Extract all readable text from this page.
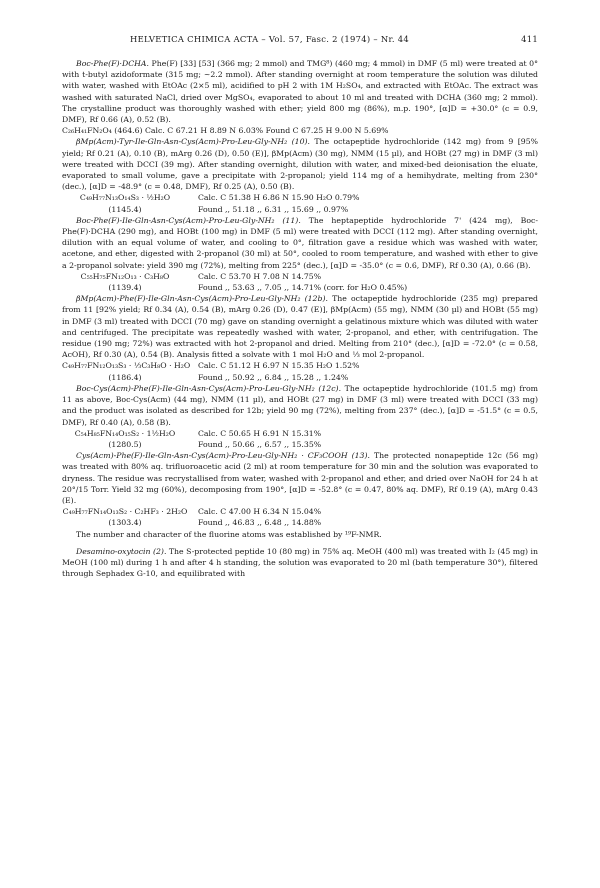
HELVETICA CHIMICA ACTA – Vol. 57, Fasc. 2 (1974) – Nr. 44	411

Boc-Phe(F)·DCHA. Phe(F) [33] [53] (366 mg; 2 mmol) and TMG⁸) (460 mg; 4 mmol) in DMF (5 ml) were treated at 0° with t-butyl azidoformate (315 mg; ~2.2 mmol). After standing overnight at room temperature the solution was diluted with water, washed with EtOAc (2×5 ml), acidified to pH 2 with 1M H₂SO₄, and extracted with EtOAc. The extract was washed with saturated NaCl, dried over MgSO₄, evaporated to about 10 ml and treated with DCHA (360 mg; 2 mmol). The crystalline product was thoroughly washed with ether; yield 800 mg (86%), m.p. 190°, [α]D = +30.0° (c = 0.9, DMF), Rf 0.66 (A), 0.52 (B).

C₂₆H₄₁FN₂O₄ (464.6) Calc. C 67.21 H 8.89 N 6.03% Found C 67.25 H 9.00 N 5.69%

βMp(Acm)-Tyr-Ile-Gln-Asn-Cys(Acm)-Pro-Leu-Gly-NH₂ (10). The octapeptide hydrochloride (142 mg) from 9 [95% yield; Rf 0.21 (A), 0.10 (B), mArg 0.26 (D), 0.50 (E)], βMp(Acm) (30 mg), NMM (15 µl), and HOBt (27 mg) in DMF (3 ml) were treated with DCCI (39 mg). After standing overnight, dilution with water, and mixed-bed deionisation the eluate, evaporated to small volume, gave a precipitate with 2-propanol; yield 114 mg of a hemihydrate, melting from 230° (dec.), [α]D = -48.9° (c = 0.48, DMF), Rf 0.25 (A), 0.50 (B).

C₄₉H₇₇N₁₃O₁₄S₃ · ½H₂O
(1145.4)
Calc. C 51.38 H 6.86 N 15.90 H₂O 0.79%
Found ,, 51.18 ,, 6.31 ,, 15.69 ,, 0.97%

Boc-Phe(F)-Ile-Gln-Asn-Cys(Acm)-Pro-Leu-Gly-NH₂ (11). The heptapeptide hydrochloride 7' (424 mg), Boc-Phe(F)·DCHA (290 mg), and HOBt (100 mg) in DMF (5 ml) were treated with DCCI (112 mg). After standing overnight, dilution with an equal volume of water, and cooling to 0°, filtration gave a residue which was washed with water, acetone, and ether, digested with 2-propanol (30 ml) at 50°, cooled to room temperature, and washed with ether to give a 2-propanol solvate: yield 390 mg (72%), melting from 225° (dec.), [α]D = -35.0° (c = 0.6, DMF), Rf 0.30 (A), 0.66 (B).

C₅₅H₇₅FN₁₂O₁₃ · C₃H₈O
(1139.4)
Calc. C 53.70 H 7.08 N 14.75%
Found ,, 53.63 ,, 7.05 ,, 14.71% (corr. for H₂O 0.45%)

βMp(Acm)-Phe(F)-Ile-Gln-Asn-Cys(Acm)-Pro-Leu-Gly-NH₂ (12b). The octapeptide hydrochloride (235 mg) prepared from 11 [92% yield; Rf 0.34 (A), 0.54 (B), mArg 0.26 (D), 0.47 (E)], βMp(Acm) (55 mg), NMM (30 µl) and HOBt (55 mg) in DMF (3 ml) treated with DCCI (70 mg) gave on standing overnight a gelatinous mixture which was diluted with water and centrifuged. The precipitate was repeatedly washed with water, 2-propanol, and ether, with centrifugation. The residue (190 mg; 72%) was extracted with hot 2-propanol and dried. Melting from 210° (dec.), [α]D = -72.0° (c = 0.58, AcOH), Rf 0.30 (A), 0.54 (B). Analysis fitted a solvate with 1 mol H₂O and ⅓ mol 2-propanol.

C₄₉H₇₇FN₁₂O₁₃S₃ · ⅓C₃H₈O · H₂O
(1186.4)
Calc. C 51.12 H 6.97 N 15.35 H₂O 1.52%
Found ,, 50.92 ,, 6.84 ,, 15.28 ,, 1.24%

Boc-Cys(Acm)-Phe(F)-Ile-Gln-Asn-Cys(Acm)-Pro-Leu-Gly-NH₂ (12c). The octapeptide hydrochloride (101.5 mg) from 11 as above, Boc-Cys(Acm) (44 mg), NMM (11 µl), and HOBt (27 mg) in DMF (3 ml) were treated with DCCI (33 mg) and the product was isolated as described for 12b; yield 90 mg (72%), melting from 237° (dec.), [α]D = -51.5° (c = 0.5, DMF), Rf 0.40 (A), 0.58 (B).

C₅₄H₈₅FN₁₄O₁₅S₂ · 1½H₂O
(1280.5)
Calc. C 50.65 H 6.91 N 15.31%
Found ,, 50.66 ,, 6.57 ,, 15.35%

Cys(Acm)-Phe(F)-Ile-Gln-Asn-Cys(Acm)-Pro-Leu-Gly-NH₂ · CF₃COOH (13). The protected nonapeptide 12c (56 mg) was treated with 80% aq. trifluoroacetic acid (2 ml) at room temperature for 30 min and the solution was evaporated to dryness. The residue was recrystallised from water, washed with 2-propanol and ether, and dried over NaOH for 24 h at 20°/15 Torr. Yield 32 mg (60%), decomposing from 190°, [α]D = -52.8° (c = 0.47, 80% aq. DMF), Rf 0.19 (A), mArg 0.43 (E).

C₄₉H₇₇FN₁₄O₁₃S₂ · C₂HF₃ · 2H₂O
(1303.4)
Calc. C 47.00 H 6.34 N 15.04%
Found ,, 46.83 ,, 6.48 ,, 14.88%

The number and character of the fluorine atoms was established by ¹⁹F-NMR.

Desamino-oxytocin (2). The S-protected peptide 10 (80 mg) in 75% aq. MeOH (400 ml) was treated with I₂ (45 mg) in MeOH (100 ml) during 1 h and after 4 h standing, the solution was evaporated to 20 ml (bath temperature 30°), filtered through Sephadex G-10, and equilibrated with
